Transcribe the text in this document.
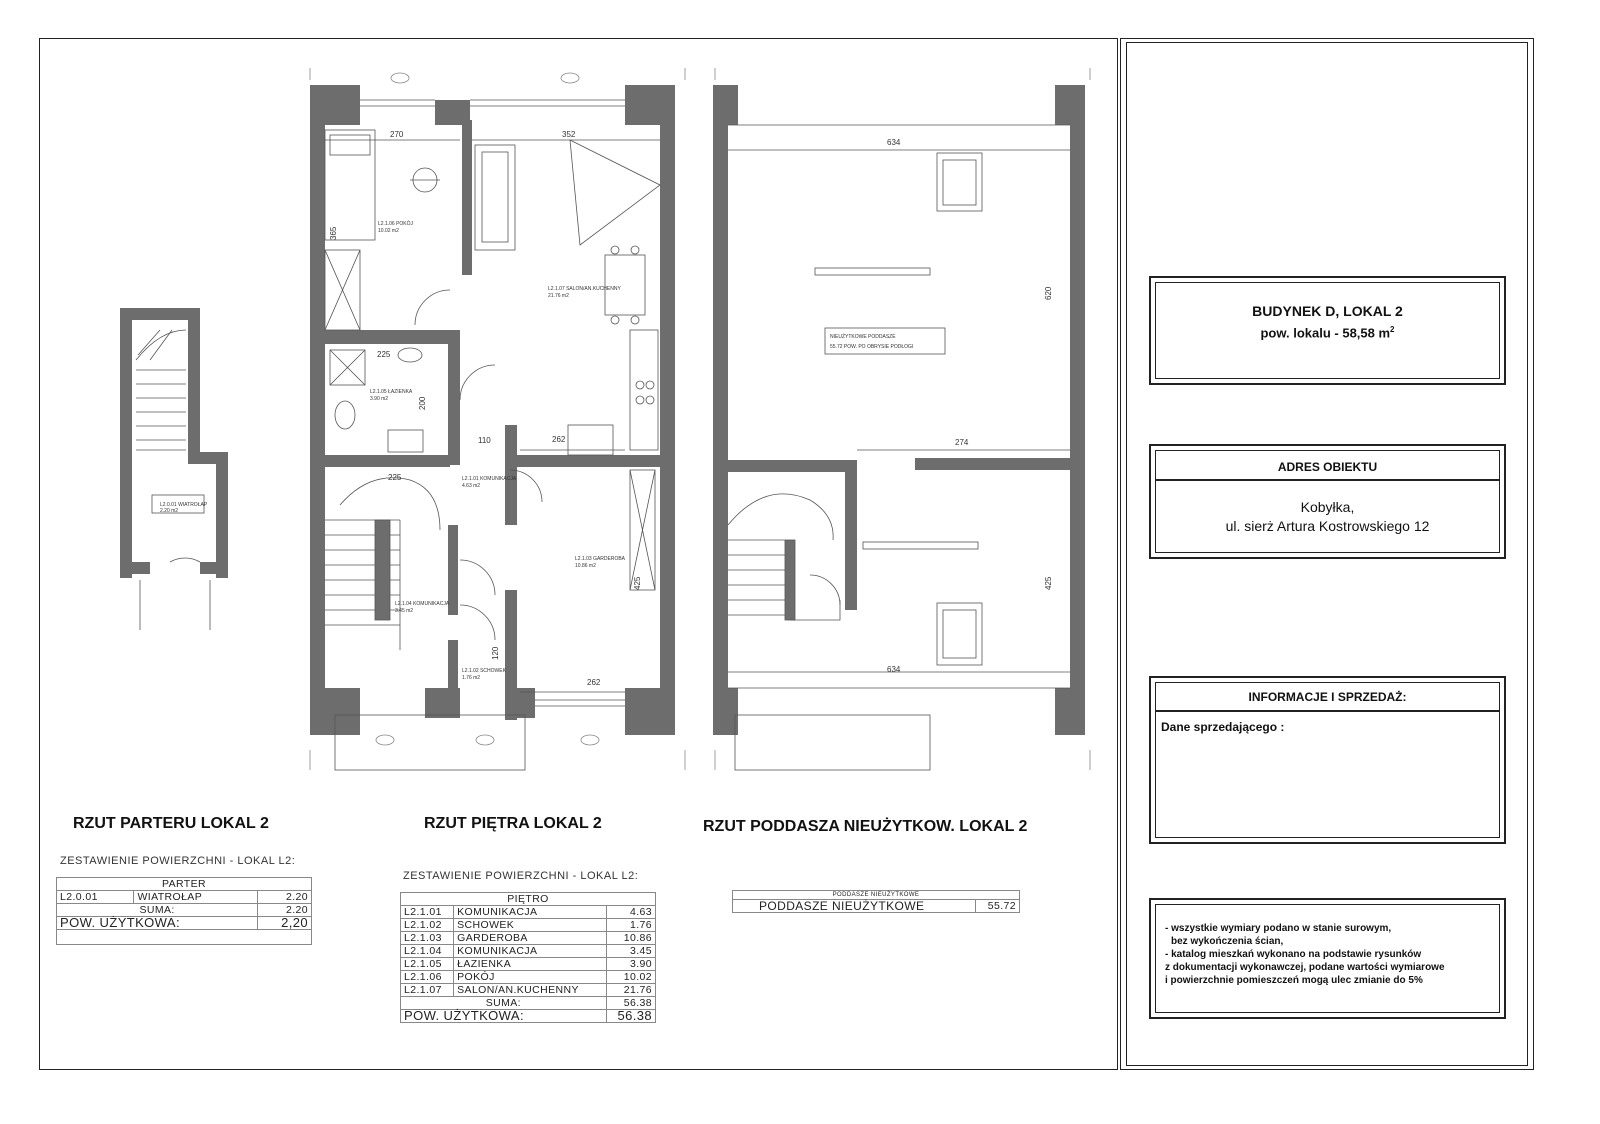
L2.0.01 WIATROŁAP
2.20 m2
L2.1.06 POKÓJ
10.02 m2
L2.1.07 SALON/AN.KUCHENNY
21.76 m2
L2.1.05 ŁAZIENKA
3.90 m2
L2.1.01 KOMUNIKACJA
4.63 m2
L2.1.03 GARDEROBA
10.86 m2
L2.1.04 KOMUNIKACJA
3.45 m2
L2.1.02 SCHOWEK
1.76 m2
270	352
225
225
110	262
262
425
365
200
120
NIEUŻYTKOWE PODDASZE
55.72 POW. PO OBRYSIE PODŁOGI
634
634
274
620
425
RZUT PARTERU LOKAL 2	RZUT PIĘTRA LOKAL 2	RZUT PODDASZA NIEUŻYTKOW. LOKAL 2
ZESTAWIENIE POWIERZCHNI - LOKAL L2:
PARTER		
L2.0.01	WIATROŁAP	2.20
SUMA:		2.20
POW. UŻYTKOWA:		2,20

ZESTAWIENIE POWIERZCHNI - LOKAL L2:
PIĘTRO		
L2.1.01	KOMUNIKACJA	4.63
L2.1.02	SCHOWEK	1.76
L2.1.03	GARDEROBA	10.86
L2.1.04	KOMUNIKACJA	3.45
L2.1.05	ŁAZIENKA	3.90
L2.1.06	POKÓJ	10.02
L2.1.07	SALON/AN.KUCHENNY	21.76
SUMA:		56.38
POW. UŻYTKOWA:		56.38
PODDASZE NIEUŻYTKOWE
PODDASZE NIEUŻYTKOWE	55.72
BUDYNEK D, LOKAL 2
pow. lokalu - 58,58 $m^2$
ADRES OBIEKTU
Kobyłka,
ul. sierż Artura Kostrowskiego 12
INFORMACJE I SPRZEDAŻ:
Dane sprzedającego :
- wszystkie wymiary podano w stanie surowym,
bez wykończenia ścian,
- katalog mieszkań wykonano na podstawie rysunków
z dokumentacji wykonawczej, podane wartości wymiarowe
i powierzchnie pomieszczeń mogą ulec zmianie do 5%
